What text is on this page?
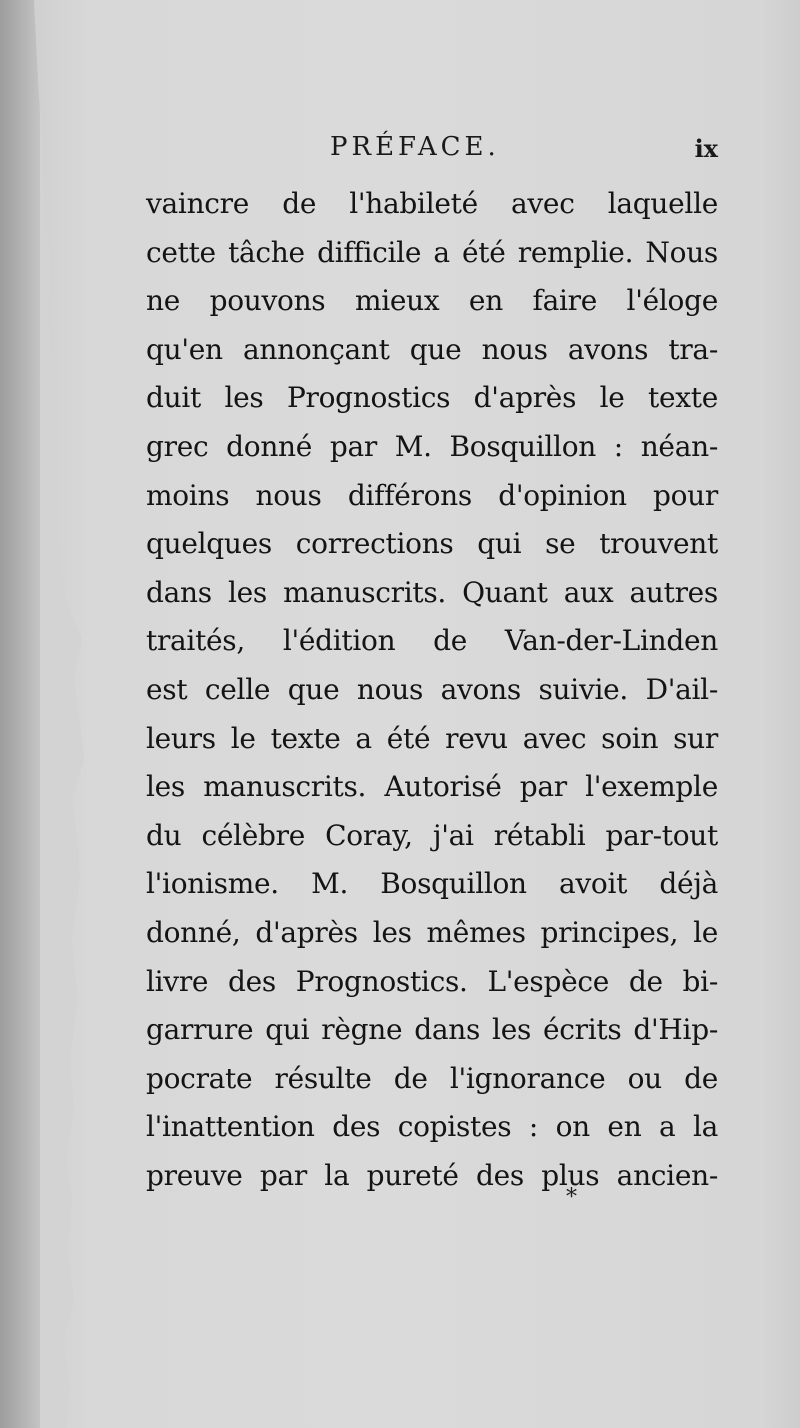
PRÉFACE.	ix
vaincre de l'habileté avec laquelle
cette tâche difficile a été remplie. Nous
ne pouvons mieux en faire l'éloge
qu'en annonçant que nous avons tra-
duit les Prognostics d'après le texte
grec donné par M. Bosquillon : néan-
moins nous différons d'opinion pour
quelques corrections qui se trouvent
dans les manuscrits. Quant aux autres
traités, l'édition de Van-der-Linden
est celle que nous avons suivie. D'ail-
leurs le texte a été revu avec soin sur
les manuscrits. Autorisé par l'exemple
du célèbre Coray, j'ai rétabli par-tout
l'ionisme. M. Bosquillon avoit déjà
donné, d'après les mêmes principes, le
livre des Prognostics. L'espèce de bi-
garrure qui règne dans les écrits d'Hip-
pocrate résulte de l'ignorance ou de
l'inattention des copistes : on en a la
preuve par la pureté des plus ancien-
*
